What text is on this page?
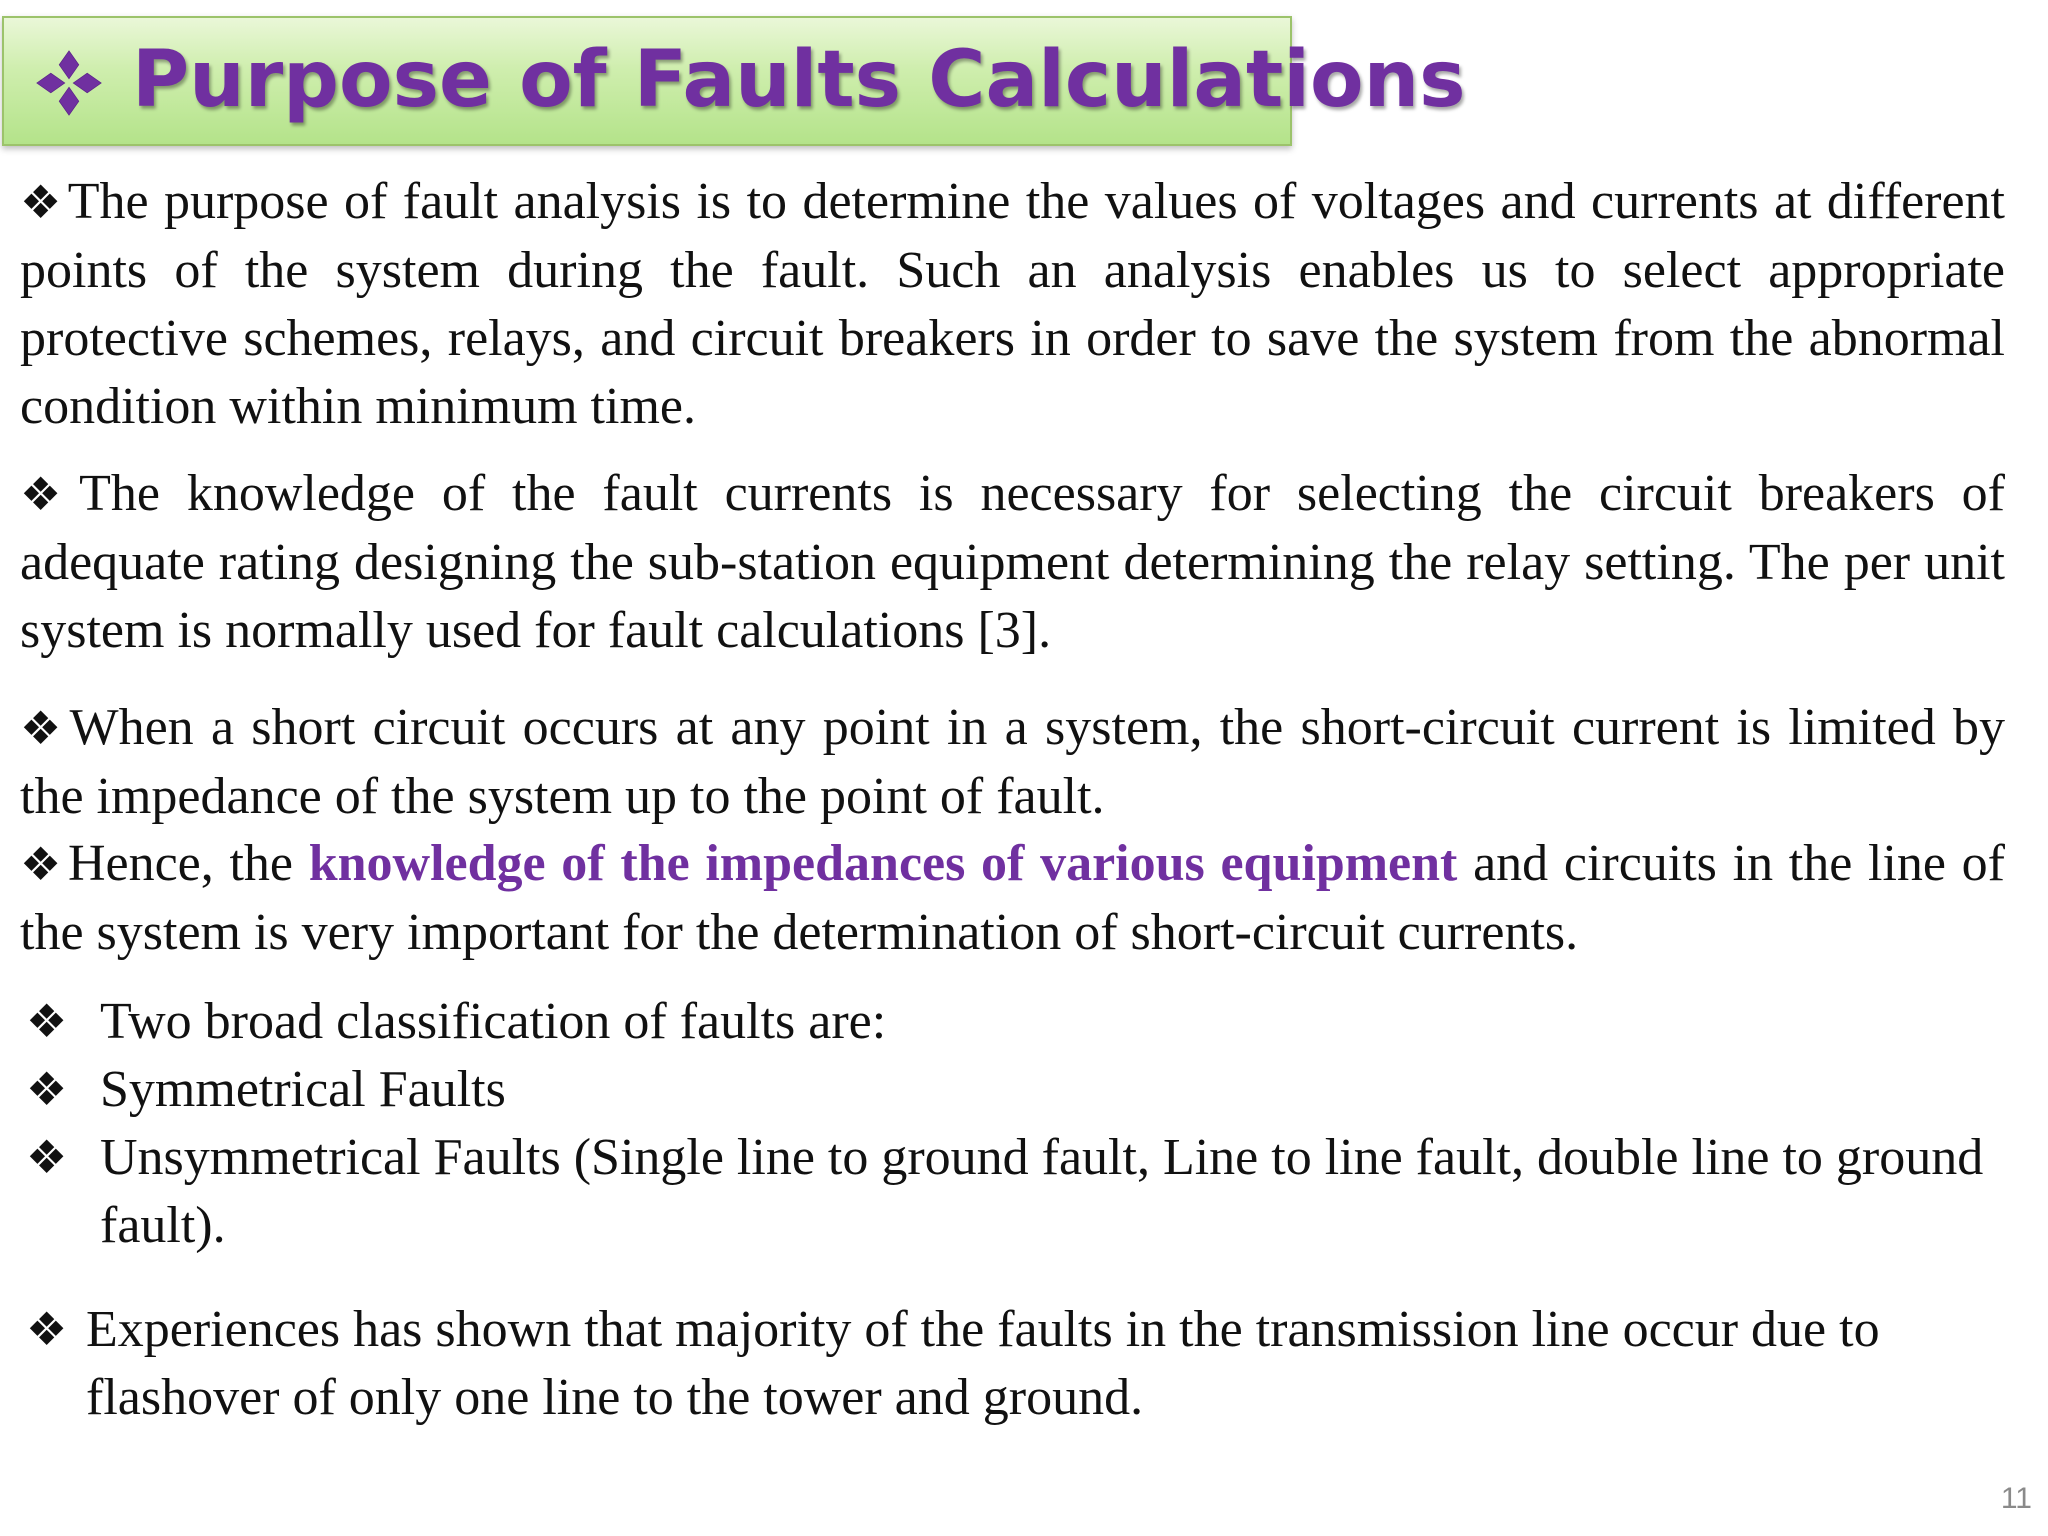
Purpose of Faults Calculations
❖The purpose of fault analysis is to determine the values of voltages and currents at different points of the system during the fault. Such an analysis enables us to select appropriate protective schemes, relays, and circuit breakers in order to save the system from the abnormal condition within minimum time.
❖The knowledge of the fault currents is necessary for selecting the circuit breakers of adequate rating designing the sub-station equipment determining the relay setting. The per unit system is normally used for fault calculations [3].
❖When a short circuit occurs at any point in a system, the short-circuit current is limited by the impedance of the system up to the point of fault.
❖Hence, the knowledge of the impedances of various equipment and circuits in the line of the system is very important for the determination of short-circuit currents.
❖ Two broad classification of faults are:
❖ Symmetrical Faults
❖ Unsymmetrical Faults (Single line to ground fault, Line to line fault, double line to ground fault).
❖ Experiences has shown that majority of the faults in the transmission line occur due to flashover of only one line to the tower and ground.
11
